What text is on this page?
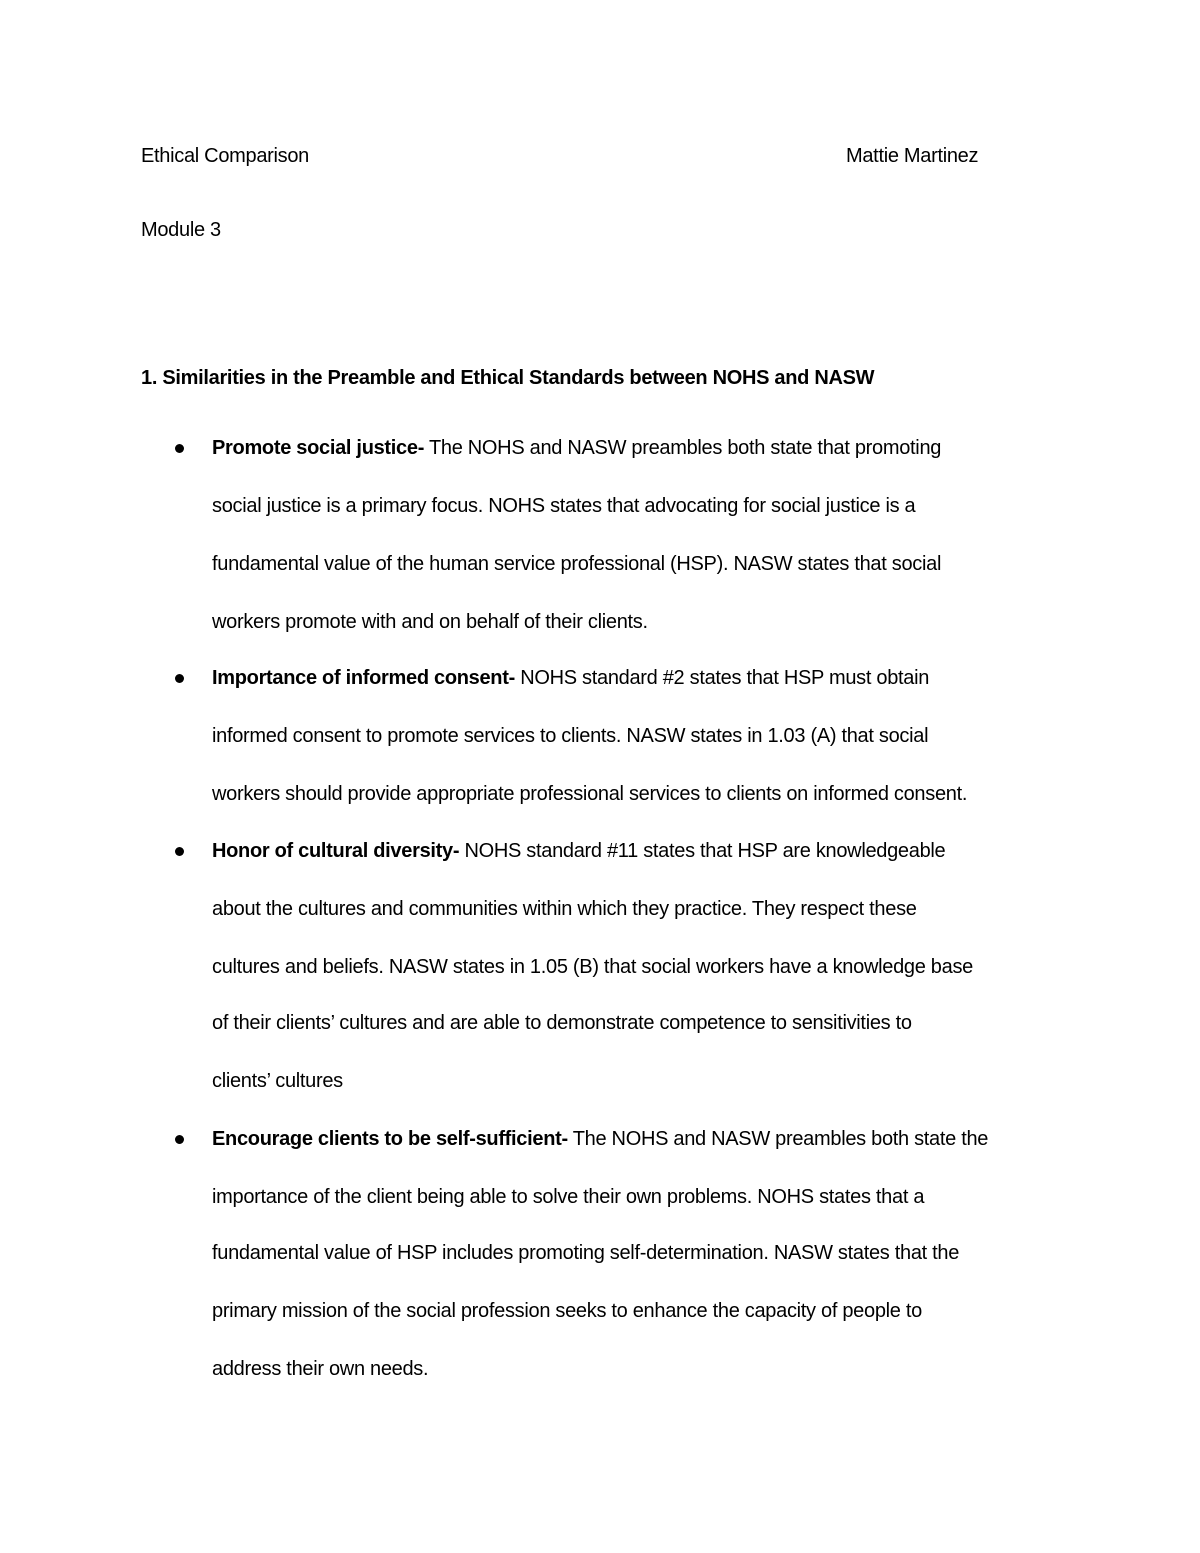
Ethical Comparison	Mattie Martinez
Module 3
1. Similarities in the Preamble and Ethical Standards between NOHS and NASW
Promote social justice- The NOHS and NASW preambles both state that promoting
social justice is a primary focus. NOHS states that advocating for social justice is a
fundamental value of the human service professional (HSP). NASW states that social
workers promote with and on behalf of their clients.
Importance of informed consent- NOHS standard #2 states that HSP must obtain
informed consent to promote services to clients. NASW states in 1.03 (A) that social
workers should provide appropriate professional services to clients on informed consent.
Honor of cultural diversity- NOHS standard #11 states that HSP are knowledgeable
about the cultures and communities within which they practice. They respect these
cultures and beliefs. NASW states in 1.05 (B) that social workers have a knowledge base
of their clients’ cultures and are able to demonstrate competence to sensitivities to
clients’ cultures
Encourage clients to be self-sufficient- The NOHS and NASW preambles both state the
importance of the client being able to solve their own problems. NOHS states that a
fundamental value of HSP includes promoting self-determination. NASW states that the
primary mission of the social profession seeks to enhance the capacity of people to
address their own needs.
